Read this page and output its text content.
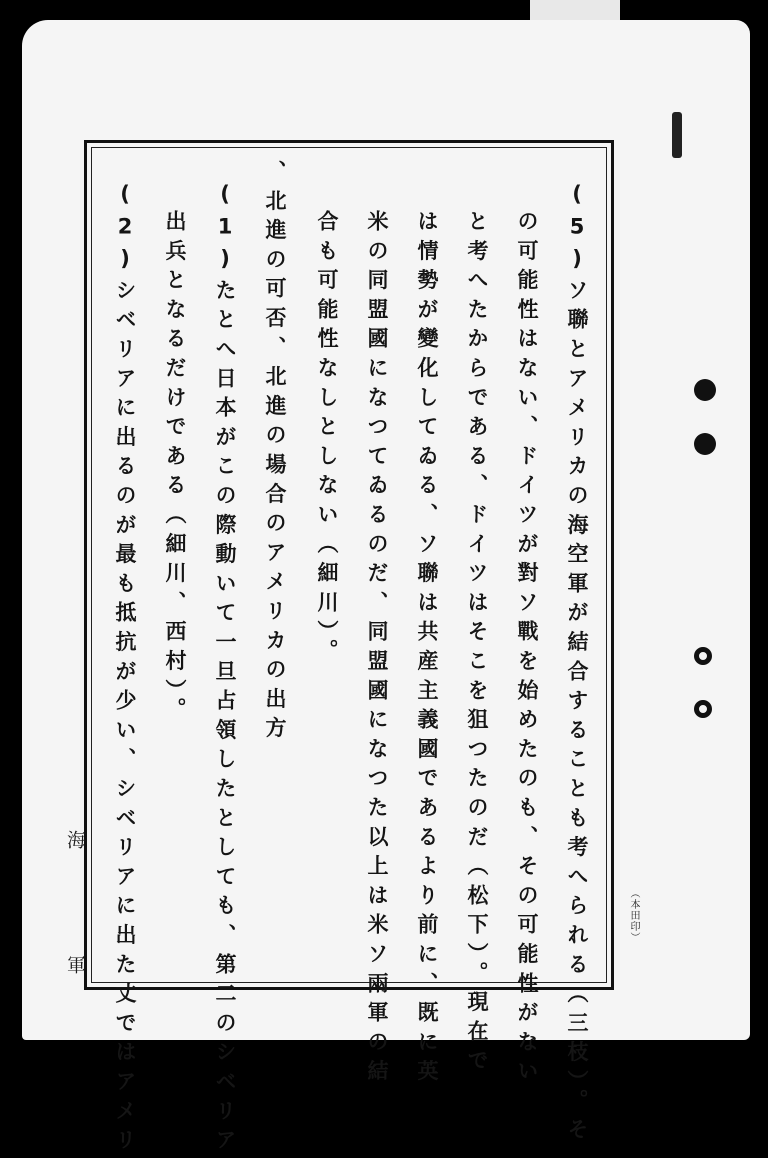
(5)ソ聯とアメリカの海空軍が結合することも考へられる（三枝）。そ
の可能性はない、ドイツが對ソ戰を始めたのも、その可能性がない
と考へたからである、ドイツはそこを狙つたのだ（松下）。現在で
は情勢が變化してゐる、ソ聯は共産主義國であるより前に、既に英
米の同盟國になつてゐるのだ、同盟國になつた以上は米ソ兩軍の結
合も可能性なしとしない（細川）。
、北進の可否、北進の場合のアメリカの出方
(1)たとへ日本がこの際動いて一旦占領したとしても、第二のシベリア
出兵となるだけである（細川、西村）。
(2)シベリアに出るのが最も抵抗が少い、シベリアに出た丈ではアメリ
海 軍	（本田印）
